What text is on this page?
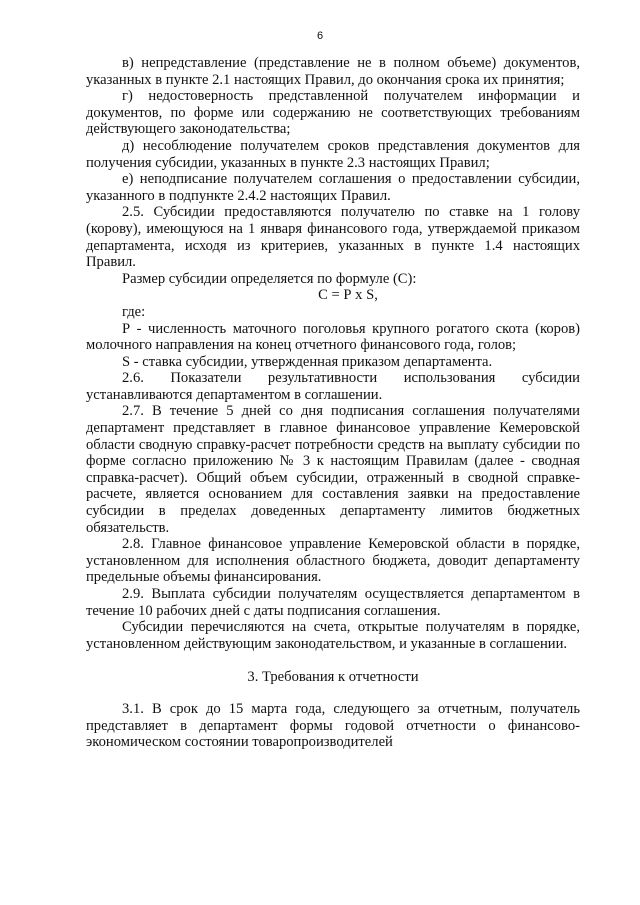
6

в) непредставление (представление не в полном объеме) документов, указанных в пункте 2.1 настоящих Правил, до окончания срока их принятия;

г) недостоверность представленной получателем информации и документов, по форме или содержанию не соответствующих требованиям действующего законодательства;

д) несоблюдение получателем сроков представления документов для получения субсидии, указанных в пункте 2.3 настоящих Правил;

е) неподписание получателем соглашения о предоставлении субсидии, указанного в подпункте 2.4.2 настоящих Правил.

2.5. Субсидии предоставляются получателю по ставке на 1 голову (корову), имеющуюся на 1 января финансового года, утверждаемой приказом департамента, исходя из критериев, указанных в пункте 1.4 настоящих Правил.

Размер субсидии определяется по формуле (С):

С = Р х S,

где:

Р - численность маточного поголовья крупного рогатого скота (коров) молочного направления на конец отчетного финансового года, голов;

S - ставка субсидии, утвержденная приказом департамента.

2.6. Показатели результативности использования субсидии устанавливаются департаментом в соглашении.

2.7. В течение 5 дней со дня подписания соглашения получателями департамент представляет в главное финансовое управление Кемеровской области сводную справку-расчет потребности средств на выплату субсидии по форме согласно приложению № 3 к настоящим Правилам (далее - сводная справка-расчет). Общий объем субсидии, отраженный в сводной справке-расчете, является основанием для составления заявки на предоставление субсидии в пределах доведенных департаменту лимитов бюджетных обязательств.

2.8. Главное финансовое управление Кемеровской области в порядке, установленном для исполнения областного бюджета, доводит департаменту предельные объемы финансирования.

2.9. Выплата субсидии получателям осуществляется департаментом в течение 10 рабочих дней с даты подписания соглашения.

Субсидии перечисляются на счета, открытые получателям в порядке, установленном действующим законодательством, и указанные в соглашении.

3. Требования к отчетности

3.1. В срок до 15 марта года, следующего за отчетным, получатель представляет в департамент формы годовой отчетности о финансово-экономическом состоянии товаропроизводителей
